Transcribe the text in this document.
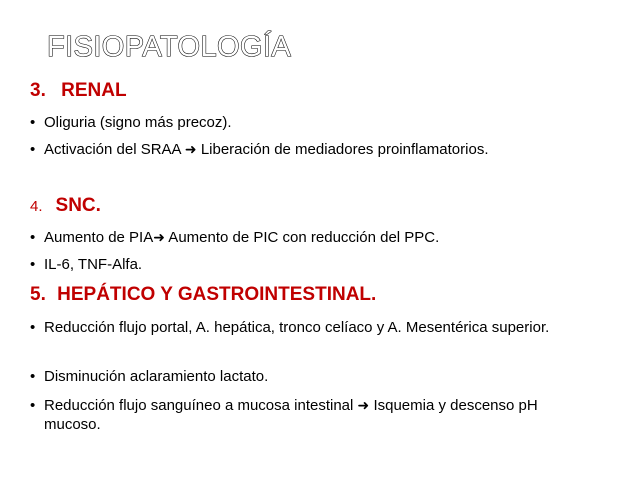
FISIOPATOLOGÍA
3. RENAL
• Oliguria (signo más precoz).
• Activación del SRAA ➜ Liberación de mediadores proinflamatorios.
4. SNC.
• Aumento de PIA➜ Aumento de PIC con reducción del PPC.
• IL-6, TNF-Alfa.
5. HEPÁTICO Y GASTROINTESTINAL.
• Reducción flujo portal, A. hepática, tronco celíaco y A. Mesentérica superior.
• Disminución aclaramiento lactato.
• Reducción flujo sanguíneo a mucosa intestinal ➜ Isquemia y descenso pH mucoso.
